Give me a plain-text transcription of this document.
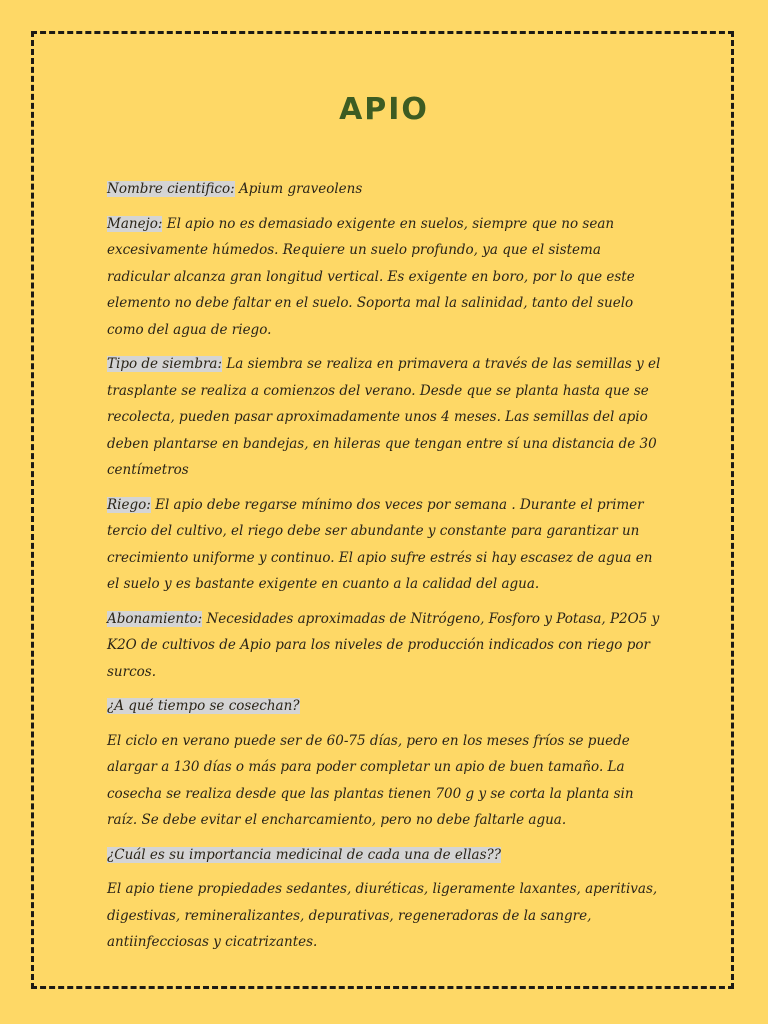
APIO

Nombre cientifico: Apium graveolens

Manejo: El apio no es demasiado exigente en suelos, siempre que no sean excesivamente húmedos. Requiere un suelo profundo, ya que el sistema radicular alcanza gran longitud vertical. Es exigente en boro, por lo que este elemento no debe faltar en el suelo. Soporta mal la salinidad, tanto del suelo como del agua de riego.

Tipo de siembra: La siembra se realiza en primavera a través de las semillas y el trasplante se realiza a comienzos del verano. Desde que se planta hasta que se recolecta, pueden pasar aproximadamente unos 4 meses. Las semillas del apio deben plantarse en bandejas, en hileras que tengan entre sí una distancia de 30 centímetros

Riego: El apio debe regarse mínimo dos veces por semana . Durante el primer tercio del cultivo, el riego debe ser abundante y constante para garantizar un crecimiento uniforme y continuo. El apio sufre estrés si hay escasez de agua en el suelo y es bastante exigente en cuanto a la calidad del agua.

Abonamiento: Necesidades aproximadas de Nitrógeno, Fosforo y Potasa, P2O5 y K2O de cultivos de Apio para los niveles de producción indicados con riego por surcos.

¿A qué tiempo se cosechan?

El ciclo en verano puede ser de 60-75 días, pero en los meses fríos se puede alargar a 130 días o más para poder completar un apio de buen tamaño. La cosecha se realiza desde que las plantas tienen 700 g y se corta la planta sin raíz. Se debe evitar el encharcamiento, pero no debe faltarle agua.

¿Cuál es su importancia medicinal de cada una de ellas??

El apio tiene propiedades sedantes, diuréticas, ligeramente laxantes, aperitivas, digestivas, remineralizantes, depurativas, regeneradoras de la sangre, antiinfecciosas y cicatrizantes.
